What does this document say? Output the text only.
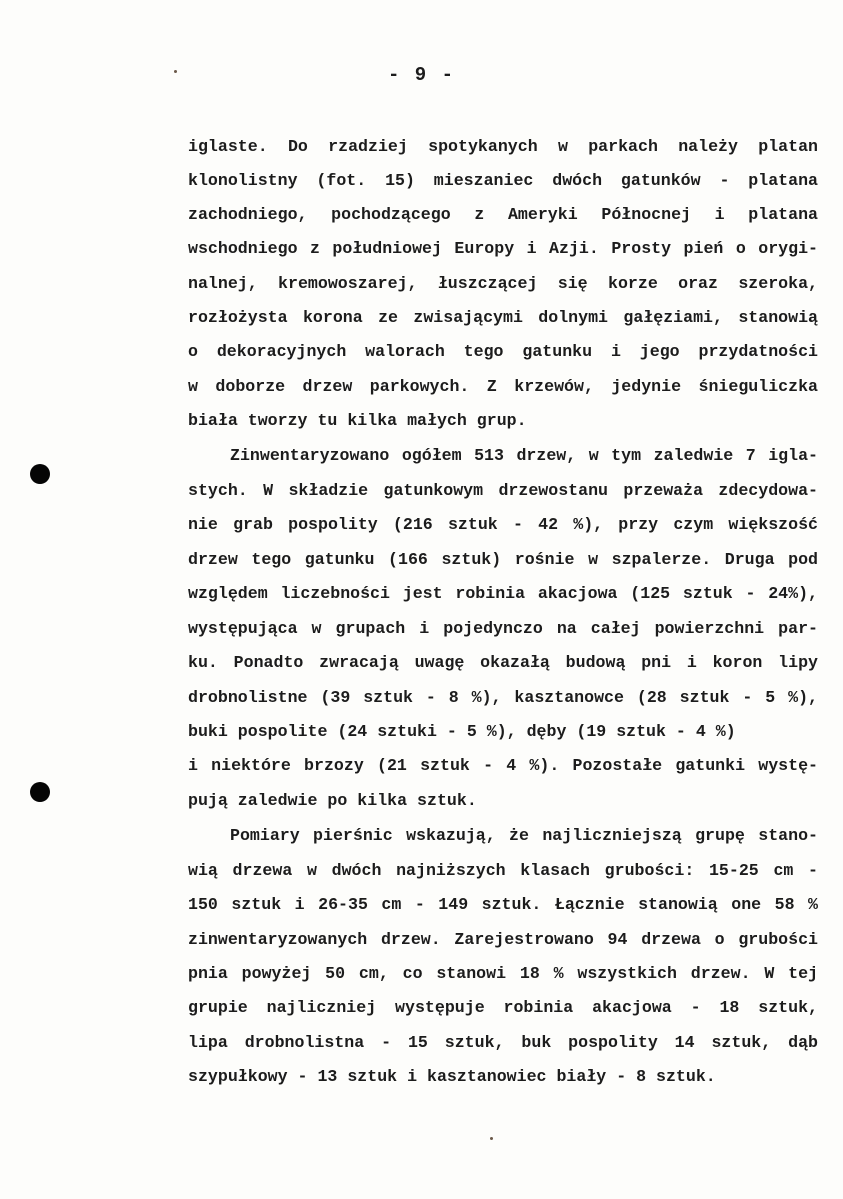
- 9 -
iglaste. Do rzadziej spotykanych w parkach należy platan
klonolistny (fot. 15) mieszaniec dwóch gatunków - platana
zachodniego, pochodzącego z Ameryki Północnej i platana
wschodniego z południowej Europy i Azji. Prosty pień o orygi-
nalnej, kremowoszarej, łuszczącej się korze oraz szeroka,
rozłożysta korona ze zwisającymi dolnymi gałęziami, stanowią
o dekoracyjnych walorach tego gatunku i jego przydatności
w doborze drzew parkowych. Z krzewów, jedynie śnieguliczka
biała tworzy tu kilka małych grup.
Zinwentaryzowano ogółem 513 drzew, w tym zaledwie 7 igla-
stych. W składzie gatunkowym drzewostanu przeważa zdecydowa-
nie grab pospolity (216 sztuk - 42 %), przy czym większość
drzew tego gatunku (166 sztuk) rośnie w szpalerze. Druga pod
względem liczebności jest robinia akacjowa (125 sztuk - 24%),
występująca w grupach i pojedynczo na całej powierzchni par-
ku. Ponadto zwracają uwagę okazałą budową pni i koron lipy
drobnolistne (39 sztuk - 8 %), kasztanowce (28 sztuk - 5 %),
buki pospolite (24 sztuki - 5 %), dęby (19 sztuk - 4 %)
i niektóre brzozy (21 sztuk - 4 %). Pozostałe gatunki wystę-
pują zaledwie po kilka sztuk.
Pomiary pierśnic wskazują, że najliczniejszą grupę stano-
wią drzewa w dwóch najniższych klasach grubości: 15-25 cm -
150 sztuk i 26-35 cm - 149 sztuk. Łącznie stanowią one 58 %
zinwentaryzowanych drzew. Zarejestrowano 94 drzewa o grubości
pnia powyżej 50 cm, co stanowi 18 % wszystkich drzew. W tej
grupie najliczniej występuje robinia akacjowa - 18 sztuk,
lipa drobnolistna - 15 sztuk, buk pospolity 14 sztuk, dąb
szypułkowy - 13 sztuk i kasztanowiec biały - 8 sztuk.
